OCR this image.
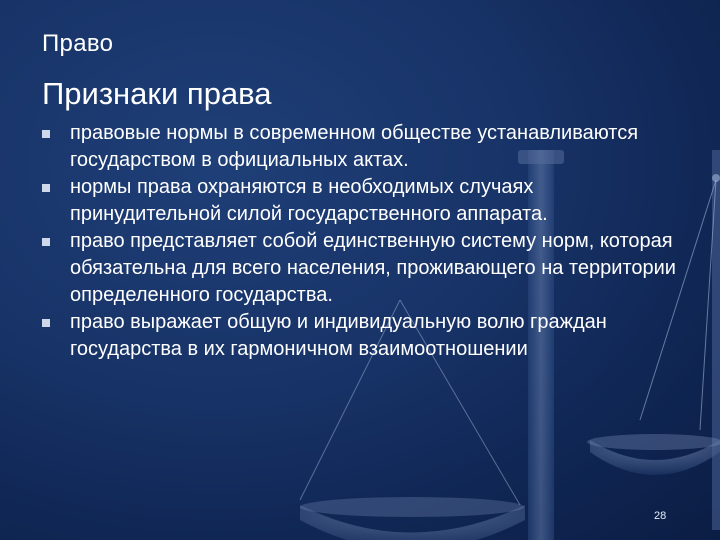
Право
Признаки права
правовые нормы в современном обществе устанавливаются государством в официальных актах.
нормы права охраняются в необходимых случаях принудительной силой государственного аппарата.
право представляет собой единственную систему норм, которая обязательна для всего населения, проживающего на территории определенного государства.
право выражает общую и индивидуальную волю граждан государства в их гармоничном взаимоотношении
28
